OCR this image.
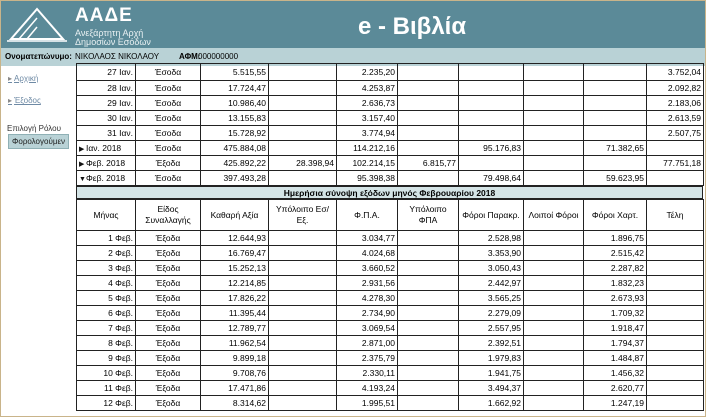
ΑΑΔΕ
Ανεξάρτητη Αρχή
Δημοσίων Εσόδων
e - Βιβλία
Ονοματεπώνυμο: ΝΙΚΟΛΑΟΣ ΝΙΚΟΛΑΟΥ ΑΦΜ:
000000000
▸ Αρχική
▸ Έξοδος
Επιλογή Ρόλου
Φορολογούμεν
27 Ιαν.	Έσοδα	5.515,55		2.235,20					3.752,04
28 Ιαν.	Έσοδα	17.724,47		4.253,87					2.092,82
29 Ιαν.	Έσοδα	10.986,40		2.636,73					2.183,06
30 Ιαν.	Έσοδα	13.155,83		3.157,40					2.613,59
31 Ιαν.	Έσοδα	15.728,92		3.774,94					2.507,75
▶ Ιαν. 2018	Έσοδα	475.884,08		114.212,16		95.176,83		71.382,65	
▶ Φεβ. 2018	Έξοδα	425.892,22	28.398,94	102.214,15	6.815,77				77.751,18
▼Φεβ. 2018	Έσοδα	397.493,28		95.398,38		79.498,64		59.623,95	
Ημερήσια σύνοψη εξόδων μηνός Φεβρουαρίου 2018
Μήνας	Είδος Συναλλαγής	Καθαρή Αξία	Υπόλοιπο Εσ/Εξ.	Φ.Π.Α.	Υπόλοιπο ΦΠΑ	Φόροι Παρακρ.	Λοιποί Φόροι	Φόροι Χαρτ.	Τέλη
1 Φεβ.	Έξοδα	12.644,93		3.034,77		2.528,98		1.896,75	
2 Φεβ.	Έξοδα	16.769,47		4.024,68		3.353,90		2.515,42	
3 Φεβ.	Έξοδα	15.252,13		3.660,52		3.050,43		2.287,82	
4 Φεβ.	Έξοδα	12.214,85		2.931,56		2.442,97		1.832,23	
5 Φεβ.	Έξοδα	17.826,22		4.278,30		3.565,25		2.673,93	
6 Φεβ.	Έξοδα	11.395,44		2.734,90		2.279,09		1.709,32	
7 Φεβ.	Έξοδα	12.789,77		3.069,54		2.557,95		1.918,47	
8 Φεβ.	Έξοδα	11.962,54		2.871,00		2.392,51		1.794,37	
9 Φεβ.	Έξοδα	9.899,18		2.375,79		1.979,83		1.484,87	
10 Φεβ.	Έξοδα	9.708,76		2.330,11		1.941,75		1.456,32	
11 Φεβ.	Έξοδα	17.471,86		4.193,24		3.494,37		2.620,77	
12 Φεβ.	Έξοδα	8.314,62		1.995,51		1.662,92		1.247,19	
